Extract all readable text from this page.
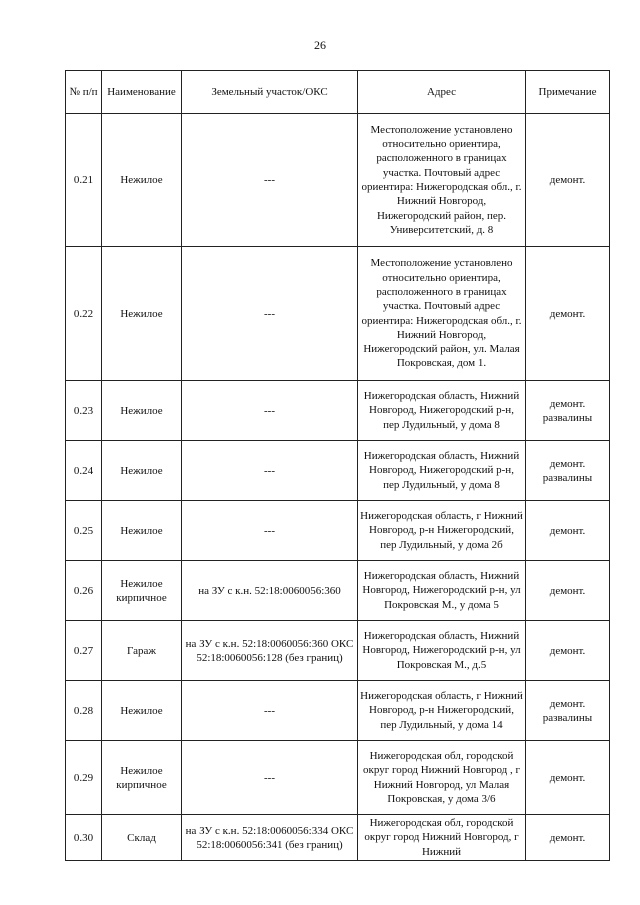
26
№ п/п	Наименование	Земельный участок/ОКС	Адрес	Примечание
0.21	Нежилое	---	Местоположение установлено относительно ориентира, расположенного в границах участка. Почтовый адрес ориентира: Нижегородская обл., г. Нижний Новгород, Нижегородский район, пер. Университетский, д. 8	демонт.
0.22	Нежилое	---	Местоположение установлено относительно ориентира, расположенного в границах участка. Почтовый адрес ориентира: Нижегородская обл., г. Нижний Новгород, Нижегородский район, ул. Малая Покровская, дом 1.	демонт.
0.23	Нежилое	---	Нижегородская область, Нижний Новгород, Нижегородский р-н, пер Лудильный, у дома 8	демонт. развалины
0.24	Нежилое	---	Нижегородская область, Нижний Новгород, Нижегородский р-н, пер Лудильный, у дома 8	демонт. развалины
0.25	Нежилое	---	Нижегородская область, г Нижний Новгород, р-н Нижегородский, пер Лудильный, у дома 2б	демонт.
0.26	Нежилое кирпичное	на ЗУ с к.н. 52:18:0060056:360	Нижегородская область, Нижний Новгород, Нижегородский р-н, ул Покровская М., у дома 5	демонт.
0.27	Гараж	на ЗУ с к.н. 52:18:0060056:360 ОКС 52:18:0060056:128 (без границ)	Нижегородская область, Нижний Новгород, Нижегородский р-н, ул Покровская М., д.5	демонт.
0.28	Нежилое	---	Нижегородская область, г Нижний Новгород, р-н Нижегородский, пер Лудильный, у дома 14	демонт. развалины
0.29	Нежилое кирпичное	---	Нижегородская обл, городской округ город Нижний Новгород , г Нижний Новгород, ул Малая Покровская, у дома 3/6	демонт.
0.30	Склад	на ЗУ с к.н. 52:18:0060056:334 ОКС 52:18:0060056:341 (без границ)	Нижегородская обл, городской округ город Нижний Новгород, г Нижний	демонт.
